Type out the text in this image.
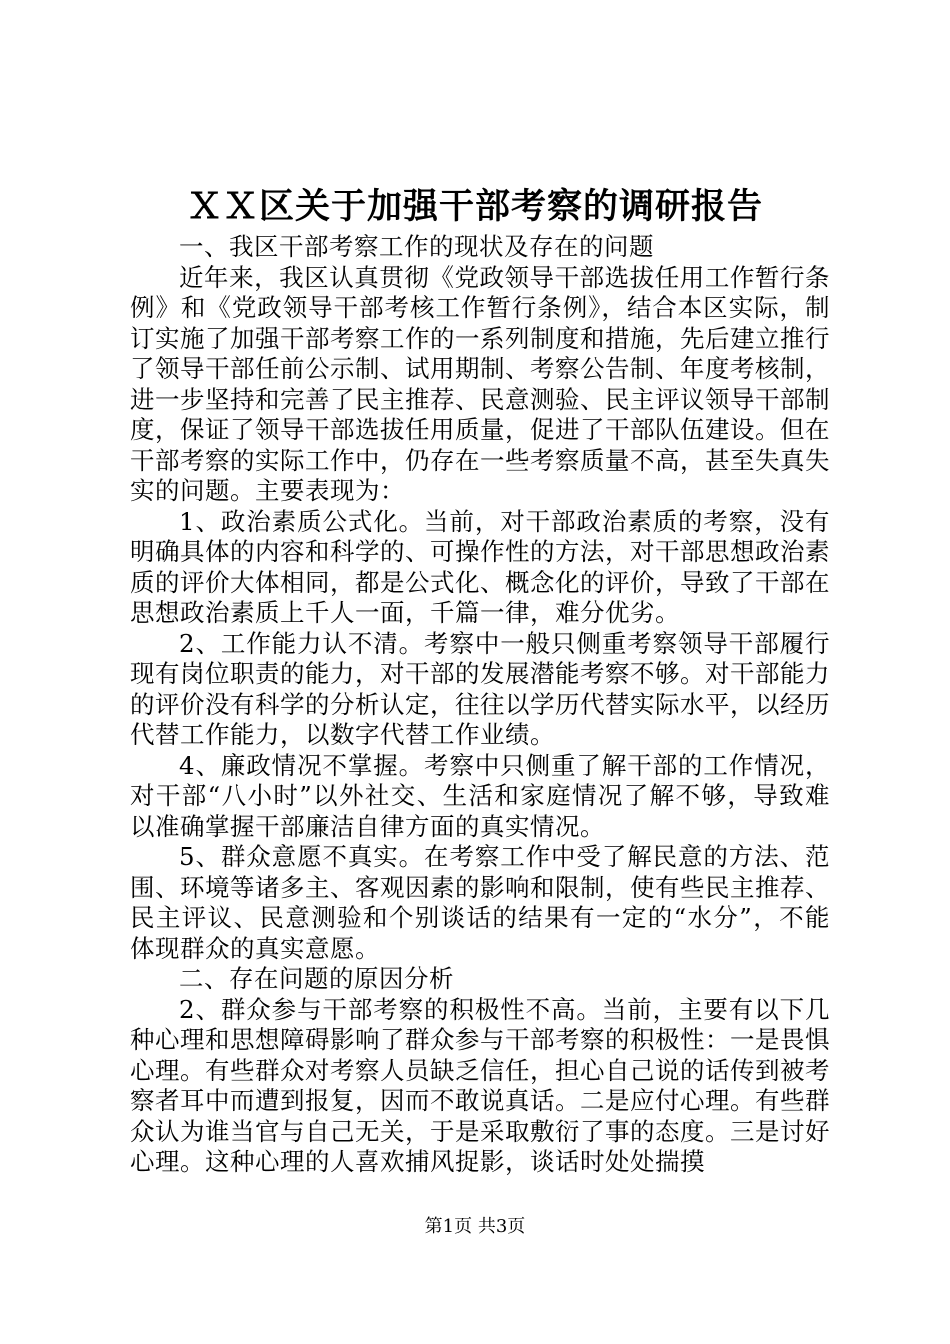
ＸＸ区关于加强干部考察的调研报告

一、我区干部考察工作的现状及存在的问题

近年来，我区认真贯彻《党政领导干部选拔任用工作暂行条例》和《党政领导干部考核工作暂行条例》，结合本区实际，制订实施了加强干部考察工作的一系列制度和措施，先后建立推行了领导干部任前公示制、试用期制、考察公告制、年度考核制，进一步坚持和完善了民主推荐、民意测验、民主评议领导干部制度，保证了领导干部选拔任用质量，促进了干部队伍建设。但在干部考察的实际工作中，仍存在一些考察质量不高，甚至失真失实的问题。主要表现为：

1、政治素质公式化。当前，对干部政治素质的考察，没有明确具体的内容和科学的、可操作性的方法，对干部思想政治素质的评价大体相同，都是公式化、概念化的评价，导致了干部在思想政治素质上千人一面，千篇一律，难分优劣。

2、工作能力认不清。考察中一般只侧重考察领导干部履行现有岗位职责的能力，对干部的发展潜能考察不够。对干部能力的评价没有科学的分析认定，往往以学历代替实际水平，以经历代替工作能力，以数字代替工作业绩。

4、廉政情况不掌握。考察中只侧重了解干部的工作情况，对干部“八小时”以外社交、生活和家庭情况了解不够，导致难以准确掌握干部廉洁自律方面的真实情况。

5、群众意愿不真实。在考察工作中受了解民意的方法、范围、环境等诸多主、客观因素的影响和限制，使有些民主推荐、民主评议、民意测验和个别谈话的结果有一定的“水分”，不能体现群众的真实意愿。

二、存在问题的原因分析

2、群众参与干部考察的积极性不高。当前，主要有以下几种心理和思想障碍影响了群众参与干部考察的积极性：一是畏惧心理。有些群众对考察人员缺乏信任，担心自己说的话传到被考察者耳中而遭到报复，因而不敢说真话。二是应付心理。有些群众认为谁当官与自己无关，于是采取敷衍了事的态度。三是讨好心理。这种心理的人喜欢捕风捉影，谈话时处处揣摸

第1页 共3页
